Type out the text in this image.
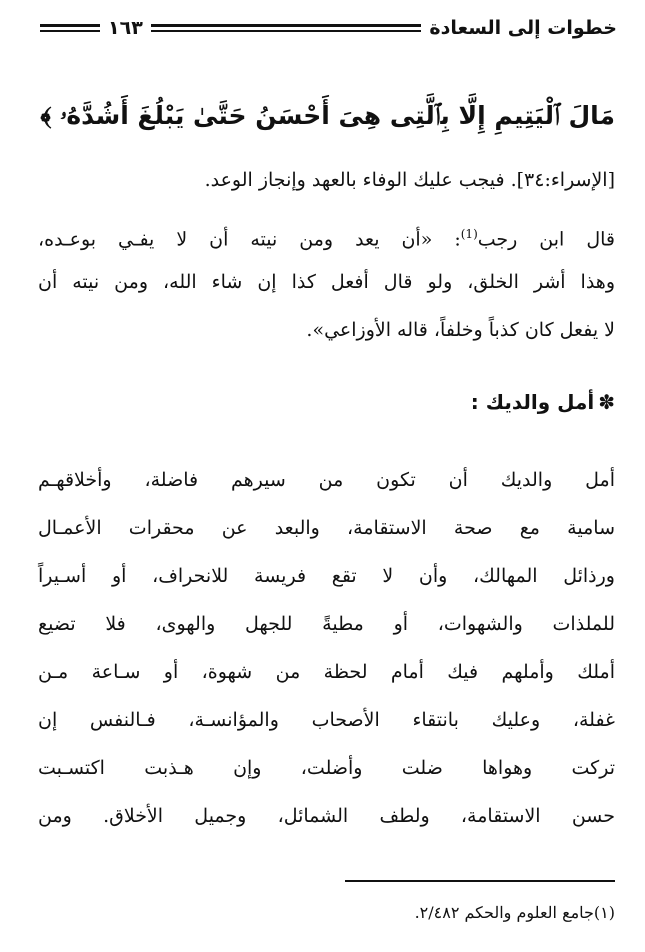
خطوات إلى السعادة
١٦٣
مَالَ ٱلْيَتِيمِ إِلَّا بِٱلَّتِى هِىَ أَحْسَنُ حَتَّىٰ يَبْلُغَ أَشُدَّهُۥ ﴾
[الإسراء:٣٤]. فيجب عليك الوفاء بالعهد وإنجاز الوعد.
قال ابن رجب$^{(1)}$: «أن يعد ومن نيته أن لا يفـي بوعـده،
وهذا أشر الخلق، ولو قال أفعل كذا إن شاء الله، ومن نيته أن
لا يفعل كان كذباً وخلفاً، قاله الأوزاعي».
✽أمل والديك :
أمل والديك أن تكون من سيرهم فاضلة، وأخلاقهـم
سامية مع صحة الاستقامة، والبعد عن محقرات الأعمـال
ورذائل المهالك، وأن لا تقع فريسة للانحراف، أو أسـيراً
للملذات والشهوات، أو مطيةً للجهل والهوى، فلا تضيع
أملك وأملهم فيك أمام لحظة من شهوة، أو سـاعة مـن
غفلة، وعليك بانتقاء الأصحاب والمؤانسـة، فـالنفس إن
تركت وهواها ضلت وأضلت، وإن هـذبت اكتسـبت
حسن الاستقامة، ولطف الشمائل، وجميل الأخلاق. ومن
(١)جامع العلوم والحكم ٢/٤٨٢.
